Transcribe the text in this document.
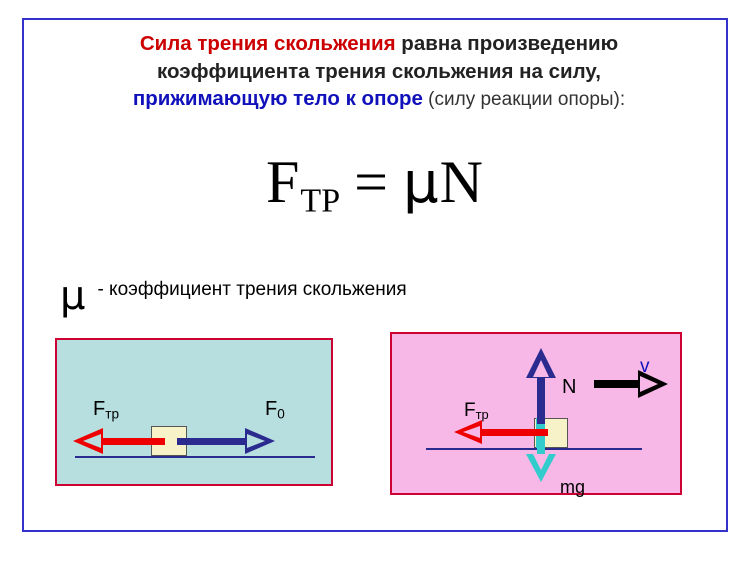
Сила трения скольжения равна произведению
коэффициента трения скольжения на силу,
прижимающую тело к опоре (силу реакции опоры):
$F_{ТР} = \mu N$
μ - коэффициент трения скольжения
$F_{тр}$	$F_0$	$F_{тр}$
N
mg
v
